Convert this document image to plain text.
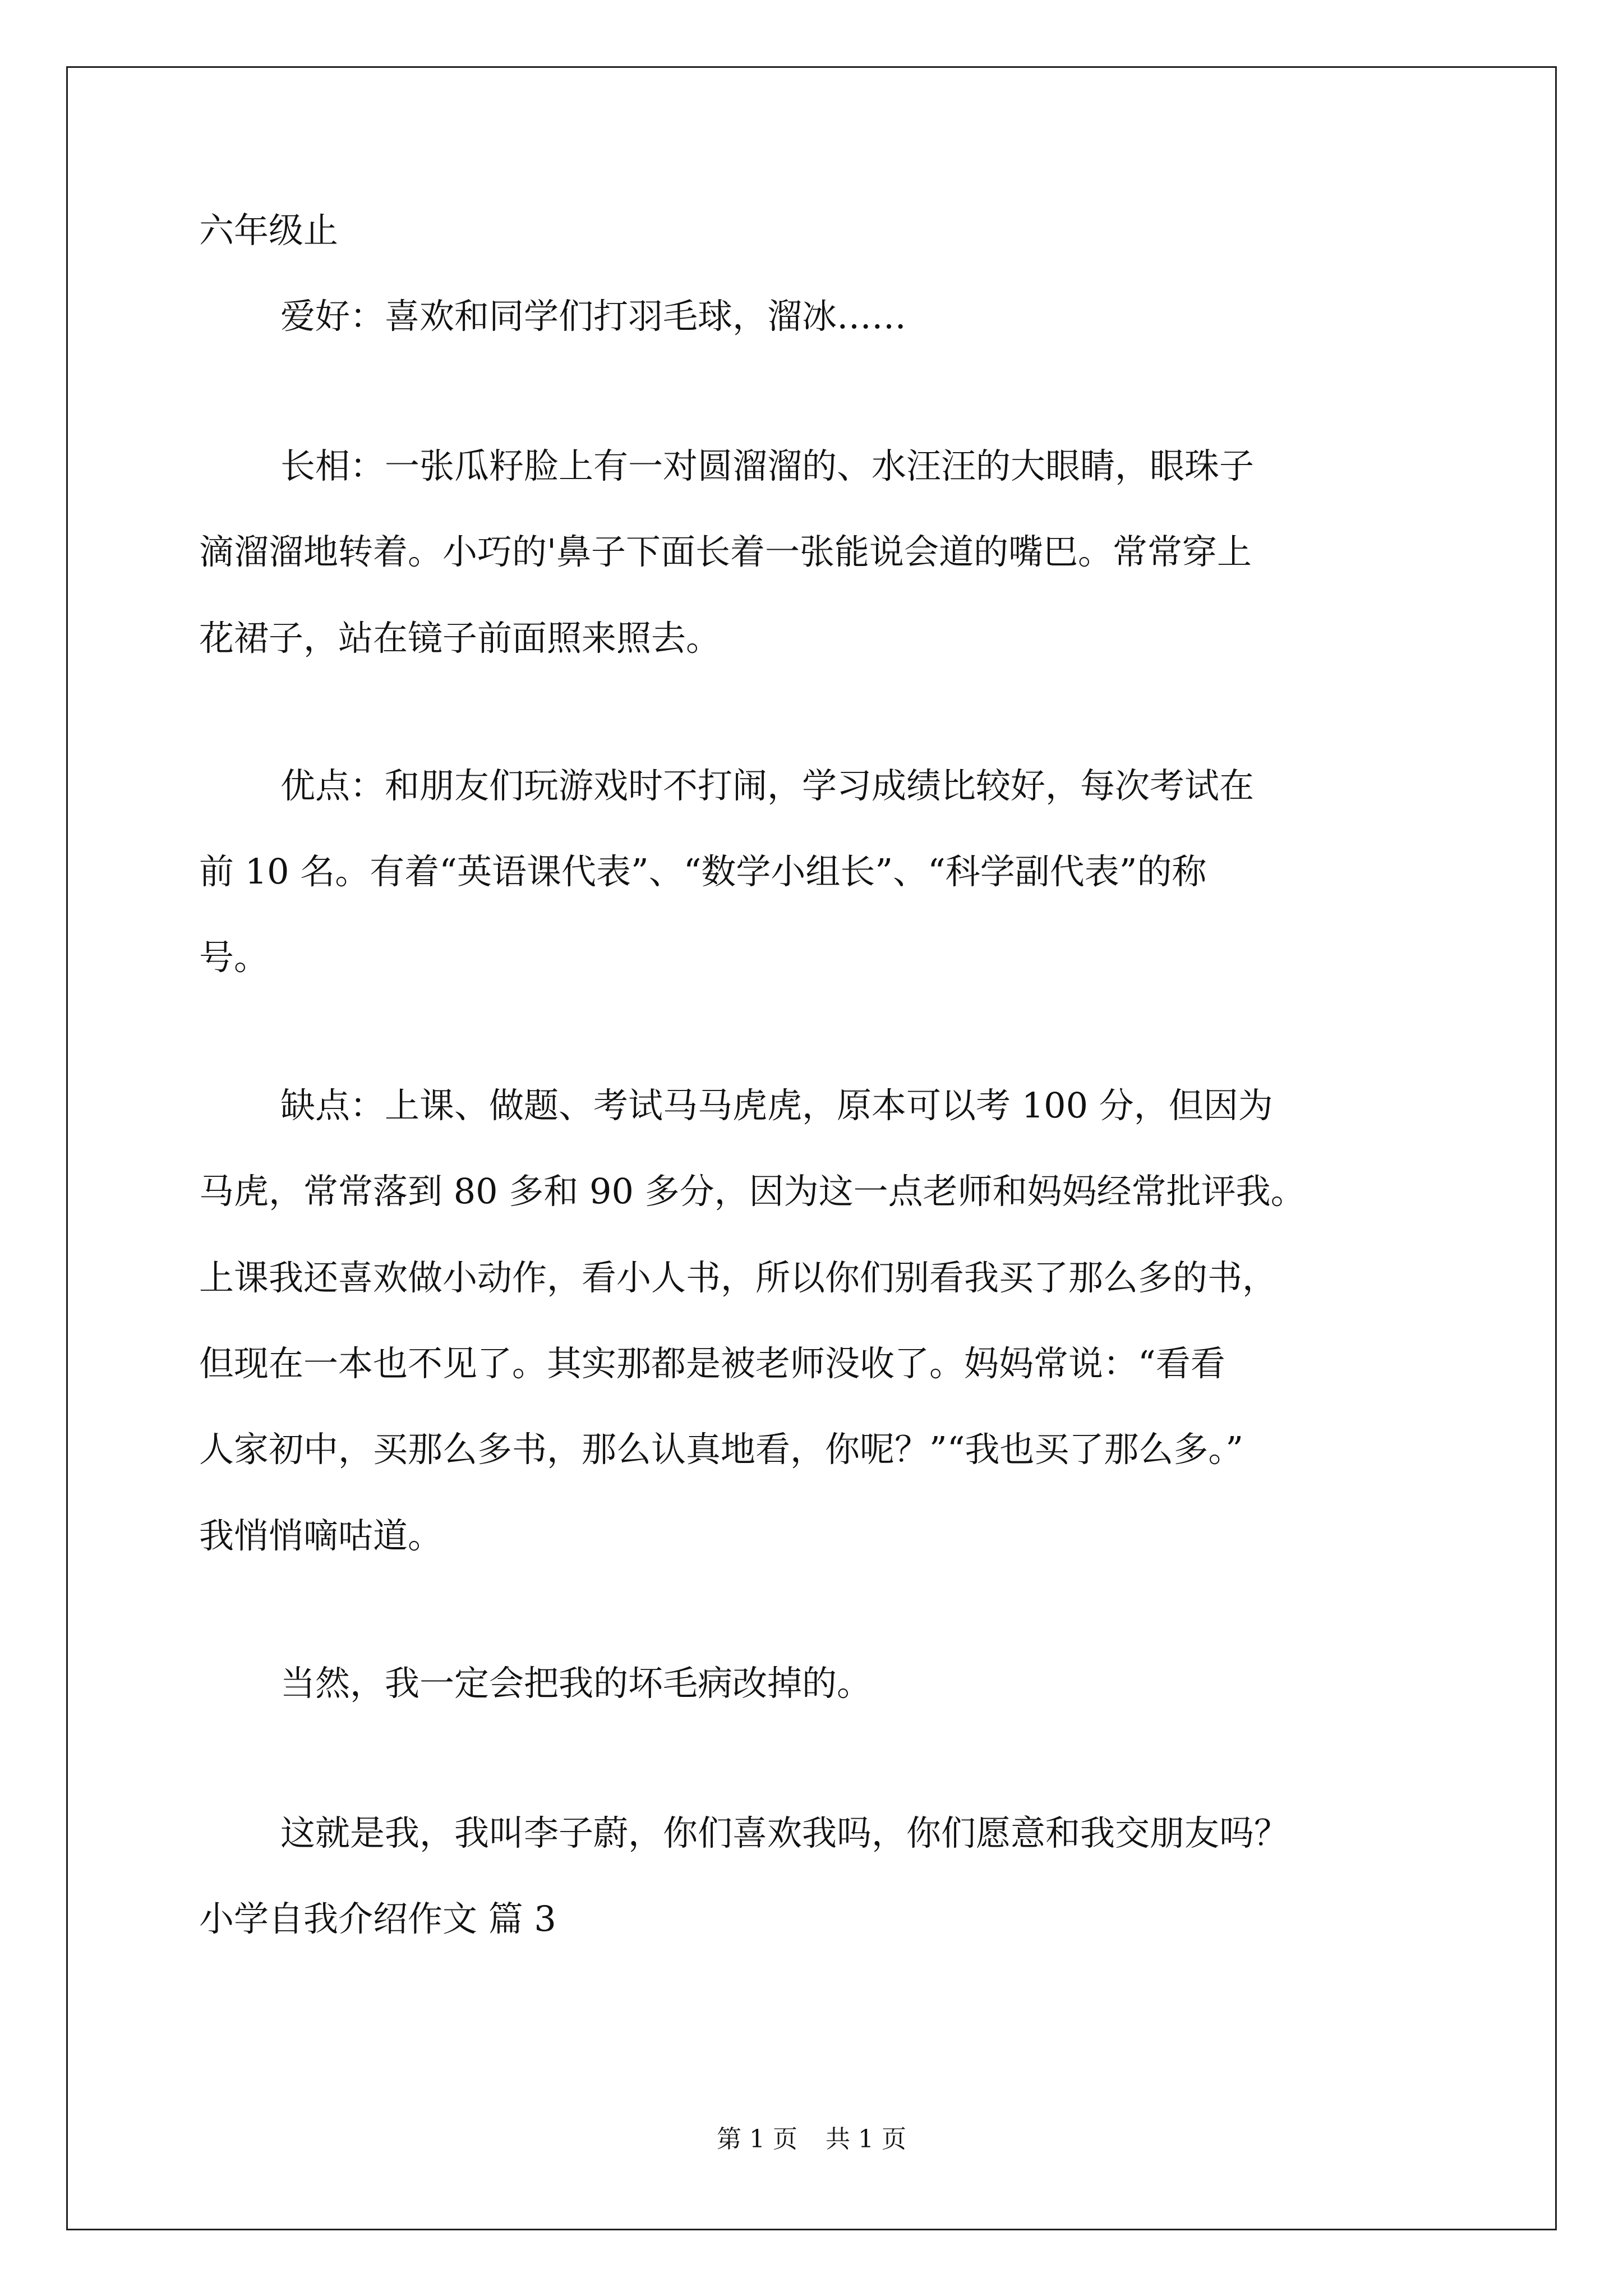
六年级止
爱好：喜欢和同学们打羽毛球，溜冰……
长相：一张瓜籽脸上有一对圆溜溜的、水汪汪的大眼睛，眼珠子
滴溜溜地转着。小巧的'鼻子下面长着一张能说会道的嘴巴。常常穿上
花裙子，站在镜子前面照来照去。
优点：和朋友们玩游戏时不打闹，学习成绩比较好，每次考试在
前 10 名。有着“英语课代表”、“数学小组长”、“科学副代表”的称
号。
缺点：上课、做题、考试马马虎虎，原本可以考 100 分，但因为
马虎，常常落到 80 多和 90 多分，因为这一点老师和妈妈经常批评我。
上课我还喜欢做小动作，看小人书，所以你们别看我买了那么多的书，
但现在一本也不见了。其实那都是被老师没收了。妈妈常说：“看看
人家初中，买那么多书，那么认真地看，你呢？”“我也买了那么多。”
我悄悄嘀咕道。
当然，我一定会把我的坏毛病改掉的。
这就是我，我叫李子蔚，你们喜欢我吗，你们愿意和我交朋友吗？
小学自我介绍作文 篇 3
第 1 页 共 1 页
